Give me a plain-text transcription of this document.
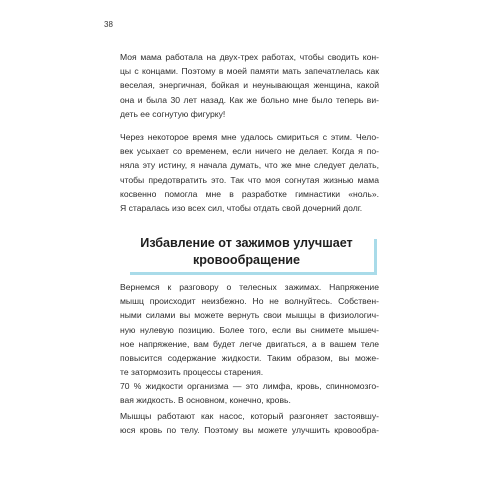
38
Моя мама работала на двух-трех работах, чтобы сводить кон-
цы с концами. Поэтому в моей памяти мать запечатлелась как
веселая, энергичная, бойкая и неунывающая женщина, какой
она и была 30 лет назад. Как же больно мне было теперь ви-
деть ее согнутую фигурку!
Через некоторое время мне удалось смириться с этим. Чело-
век усыхает со временем, если ничего не делает. Когда я по-
няла эту истину, я начала думать, что же мне следует делать,
чтобы предотвратить это. Так что моя согнутая жизнью мама
косвенно помогла мне в разработке гимнастики «ноль».
Я старалась изо всех сил, чтобы отдать свой дочерний долг.
Избавление от зажимов улучшает
кровообращение
Вернемся к разговору о телесных зажимах. Напряжение
мышц происходит неизбежно. Но не волнуйтесь. Собствен-
ными силами вы можете вернуть свои мышцы в физиологич-
ную нулевую позицию. Более того, если вы снимете мышеч-
ное напряжение, вам будет легче двигаться, а в вашем теле
повысится содержание жидкости. Таким образом, вы може-
те затормозить процессы старения.
70 % жидкости организма — это лимфа, кровь, спинномозго-
вая жидкость. В основном, конечно, кровь.
Мышцы работают как насос, который разгоняет застоявшу-
юся кровь по телу. Поэтому вы можете улучшить кровообра-
